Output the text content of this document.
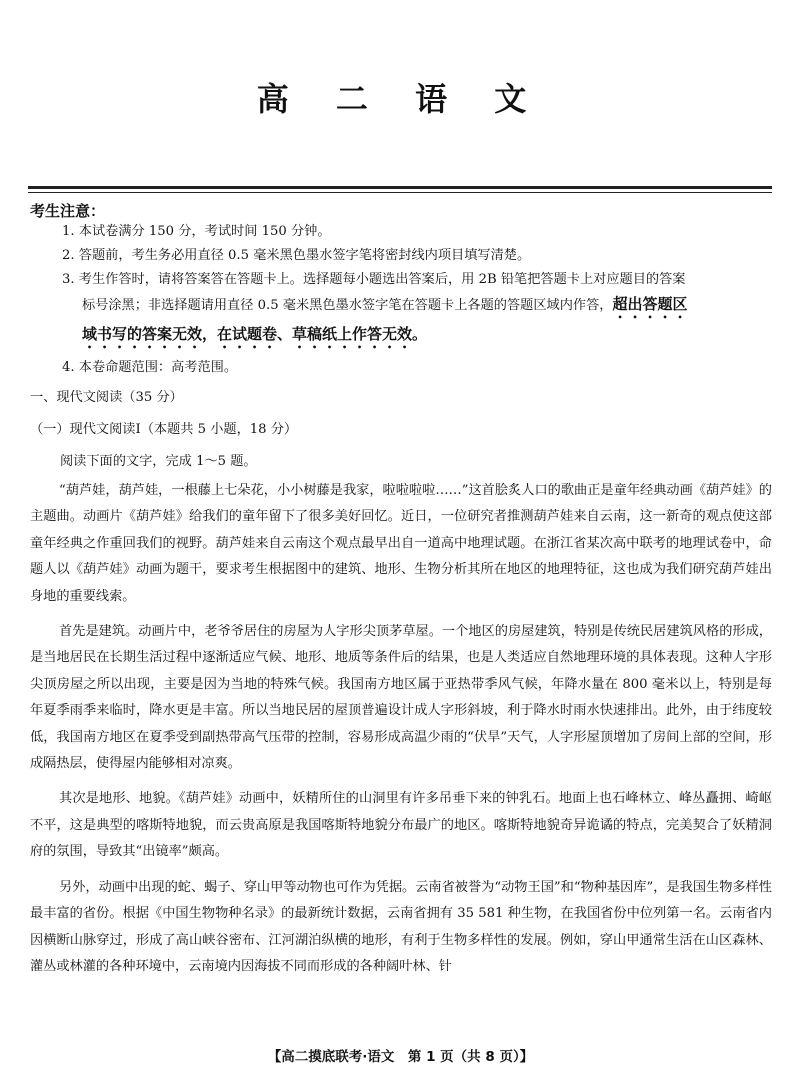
高 二 语 文
考生注意：

1. 本试卷满分 150 分，考试时间 150 分钟。

2. 答题前，考生务必用直径 0.5 毫米黑色墨水签字笔将密封线内项目填写清楚。

3. 考生作答时，请将答案答在答题卡上。选择题每小题选出答案后，用 2B 铅笔把答题卡上对应题目的答案

标号涂黑；非选择题请用直径 0.5 毫米黑色墨水签字笔在答题卡上各题的答题区域内作答，超出答题区

域书写的答案无效，在试题卷、草稿纸上作答无效。

4. 本卷命题范围：高考范围。

一、现代文阅读（35 分）
（一）现代文阅读Ⅰ（本题共 5 小题，18 分）
阅读下面的文字，完成 1～5 题。

“葫芦娃，葫芦娃，一根藤上七朵花，小小树藤是我家，啦啦啦啦……”这首脍炙人口的歌曲正是童年经典动画《葫芦娃》的主题曲。动画片《葫芦娃》给我们的童年留下了很多美好回忆。近日，一位研究者推测葫芦娃来自云南，这一新奇的观点使这部童年经典之作重回我们的视野。葫芦娃来自云南这个观点最早出自一道高中地理试题。在浙江省某次高中联考的地理试卷中，命题人以《葫芦娃》动画为题干，要求考生根据图中的建筑、地形、生物分析其所在地区的地理特征，这也成为我们研究葫芦娃出身地的重要线索。

首先是建筑。动画片中，老爷爷居住的房屋为人字形尖顶茅草屋。一个地区的房屋建筑，特别是传统民居建筑风格的形成，是当地居民在长期生活过程中逐渐适应气候、地形、地质等条件后的结果，也是人类适应自然地理环境的具体表现。这种人字形尖顶房屋之所以出现，主要是因为当地的特殊气候。我国南方地区属于亚热带季风气候，年降水量在 800 毫米以上，特别是每年夏季雨季来临时，降水更是丰富。所以当地民居的屋顶普遍设计成人字形斜坡，利于降水时雨水快速排出。此外，由于纬度较低，我国南方地区在夏季受到副热带高气压带的控制，容易形成高温少雨的“伏旱”天气，人字形屋顶增加了房间上部的空间，形成隔热层，使得屋内能够相对凉爽。

其次是地形、地貌。《葫芦娃》动画中，妖精所住的山洞里有许多吊垂下来的钟乳石。地面上也石峰林立、峰丛矗拥、崎岖不平，这是典型的喀斯特地貌，而云贵高原是我国喀斯特地貌分布最广的地区。喀斯特地貌奇异诡谲的特点，完美契合了妖精洞府的氛围，导致其“出镜率”颇高。

另外，动画中出现的蛇、蝎子、穿山甲等动物也可作为凭据。云南省被誉为“动物王国”和“物种基因库”，是我国生物多样性最丰富的省份。根据《中国生物物种名录》的最新统计数据，云南省拥有 35 581 种生物，在我国省份中位列第一名。云南省内因横断山脉穿过，形成了高山峡谷密布、江河湖泊纵横的地形，有利于生物多样性的发展。例如，穿山甲通常生活在山区森林、灌丛或林灌的各种环境中，云南境内因海拔不同而形成的各种阔叶林、针

【高二摸底联考·语文　第 1 页（共 8 页）】
